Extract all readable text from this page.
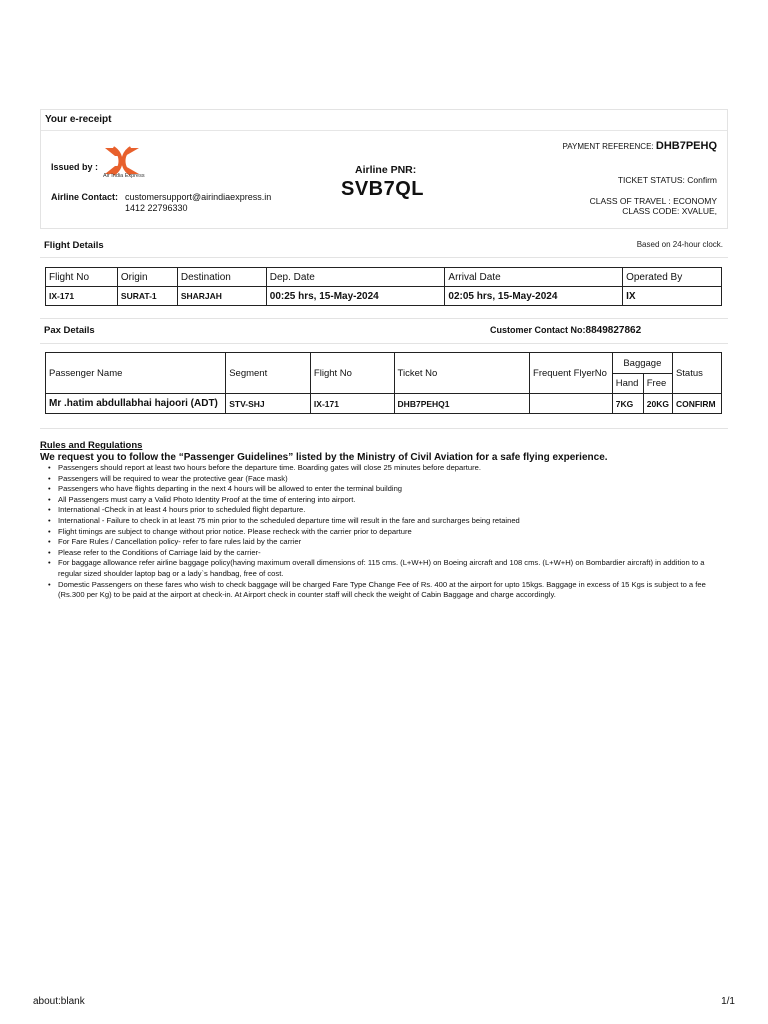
Your e-receipt
Issued by :
Air India Express
Airline Contact: customersupport@airindiaexpress.in
1412 22796330
Airline PNR:
SVB7QL
PAYMENT REFERENCE: DHB7PEHQ
TICKET STATUS: Confirm
CLASS OF TRAVEL : ECONOMY
CLASS CODE: XVALUE,
Flight Details	Based on 24-hour clock.
Flight No	Origin	Destination	Dep. Date	Arrival Date	Operated By
IX-171	SURAT-1	SHARJAH	00:25 hrs, 15-May-2024	02:05 hrs, 15-May-2024	IX
Pax Details	Customer Contact No:8849827862
Passenger Name	Segment	Flight No	Ticket No	Frequent FlyerNo	Baggage		Status
					Hand	Free	
Mr .hatim abdullabhai hajoori (ADT)	STV-SHJ	IX-171	DHB7PEHQ1		7KG	20KG	CONFIRM
Rules and Regulations
We request you to follow the “Passenger Guidelines” listed by the Ministry of Civil Aviation for a safe flying experience.
• Passengers should report at least two hours before the departure time. Boarding gates will close 25 minutes before departure.
• Passengers will be required to wear the protective gear (Face mask)
• Passengers who have flights departing in the next 4 hours will be allowed to enter the terminal building
• All Passengers must carry a Valid Photo Identity Proof at the time of entering into airport.
• International -Check in at least 4 hours prior to scheduled flight departure.
• International - Failure to check in at least 75 min prior to the scheduled departure time will result in the fare and surcharges being retained
• Flight timings are subject to change without prior notice. Please recheck with the carrier prior to departure
• For Fare Rules / Cancellation policy- refer to fare rules laid by the carrier
• Please refer to the Conditions of Carriage laid by the carrier-
• For baggage allowance refer airline baggage policy(having maximum overall dimensions of: 115 cms. (L+W+H) on Boeing aircraft and 108 cms. (L+W+H) on Bombardier aircraft) in addition to a regular sized shoulder laptop bag or a lady`s handbag, free of cost.
• Domestic Passengers on these fares who wish to check baggage will be charged Fare Type Change Fee of Rs. 400 at the airport for upto 15kgs. Baggage in excess of 15 Kgs is subject to a fee (Rs.300 per Kg) to be paid at the airport at check-in. At Airport check in counter staff will check the weight of Cabin Baggage and charge accordingly.
about:blank	1/1
